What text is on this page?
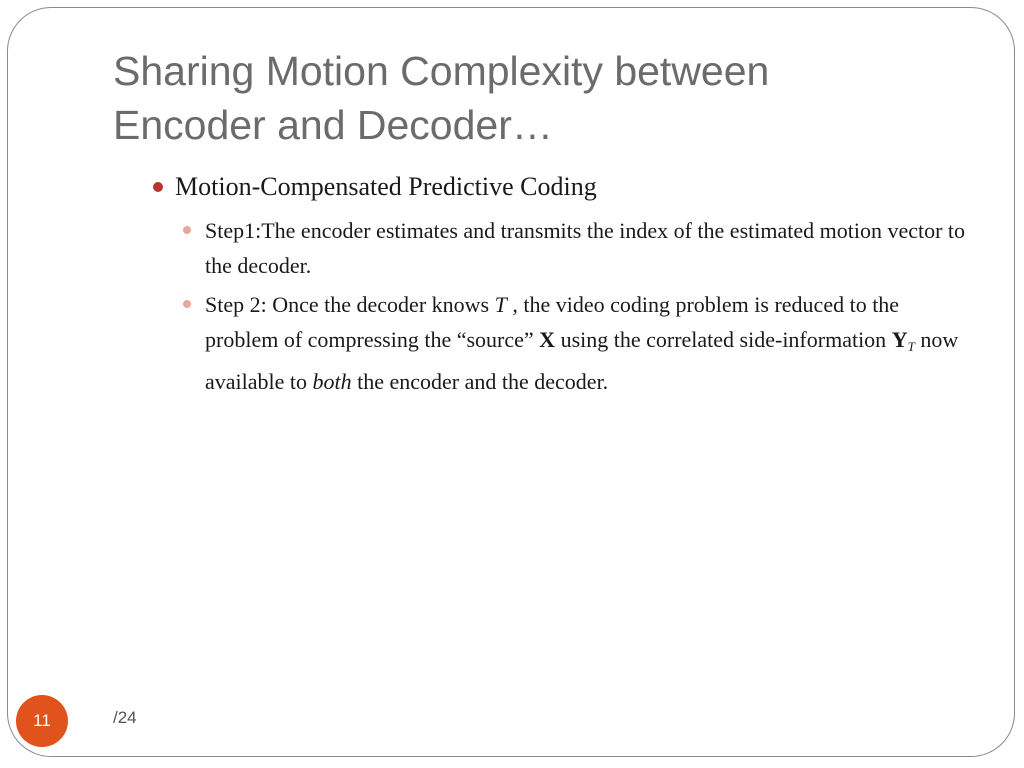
Sharing Motion Complexity between
Encoder and Decoder…
Motion-Compensated Predictive Coding
Step1:The encoder estimates and transmits the index of the estimated motion vector to the decoder.
Step 2: Once the decoder knows T , the video coding problem is reduced to the problem of compressing the “source” X using the correlated side-information $Y_T$ now available to both the encoder and the decoder.
11	/24
